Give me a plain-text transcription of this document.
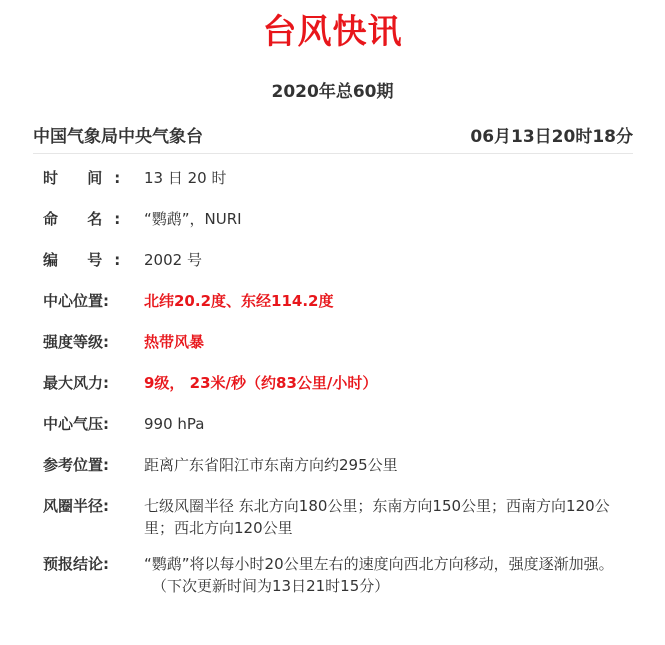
台风快讯
2020年总60期
中国气象局中央气象台	06月13日20时18分
时 间: 13 日 20 时
命 名: “鹦鹉”，NURI
编 号: 2002 号
中心位置:	北纬20.2度、东经114.2度
强度等级:	热带风暴
最大风力:	9级， 23米/秒（约83公里/小时）
中心气压:	990 hPa
参考位置:	距离广东省阳江市东南方向约295公里
风圈半径:	七级风圈半径 东北方向180公里；东南方向150公里；西南方向120公里；西北方向120公里
预报结论:	“鹦鹉”将以每小时20公里左右的速度向西北方向移动，强度逐渐加强。
（下次更新时间为13日21时15分）
